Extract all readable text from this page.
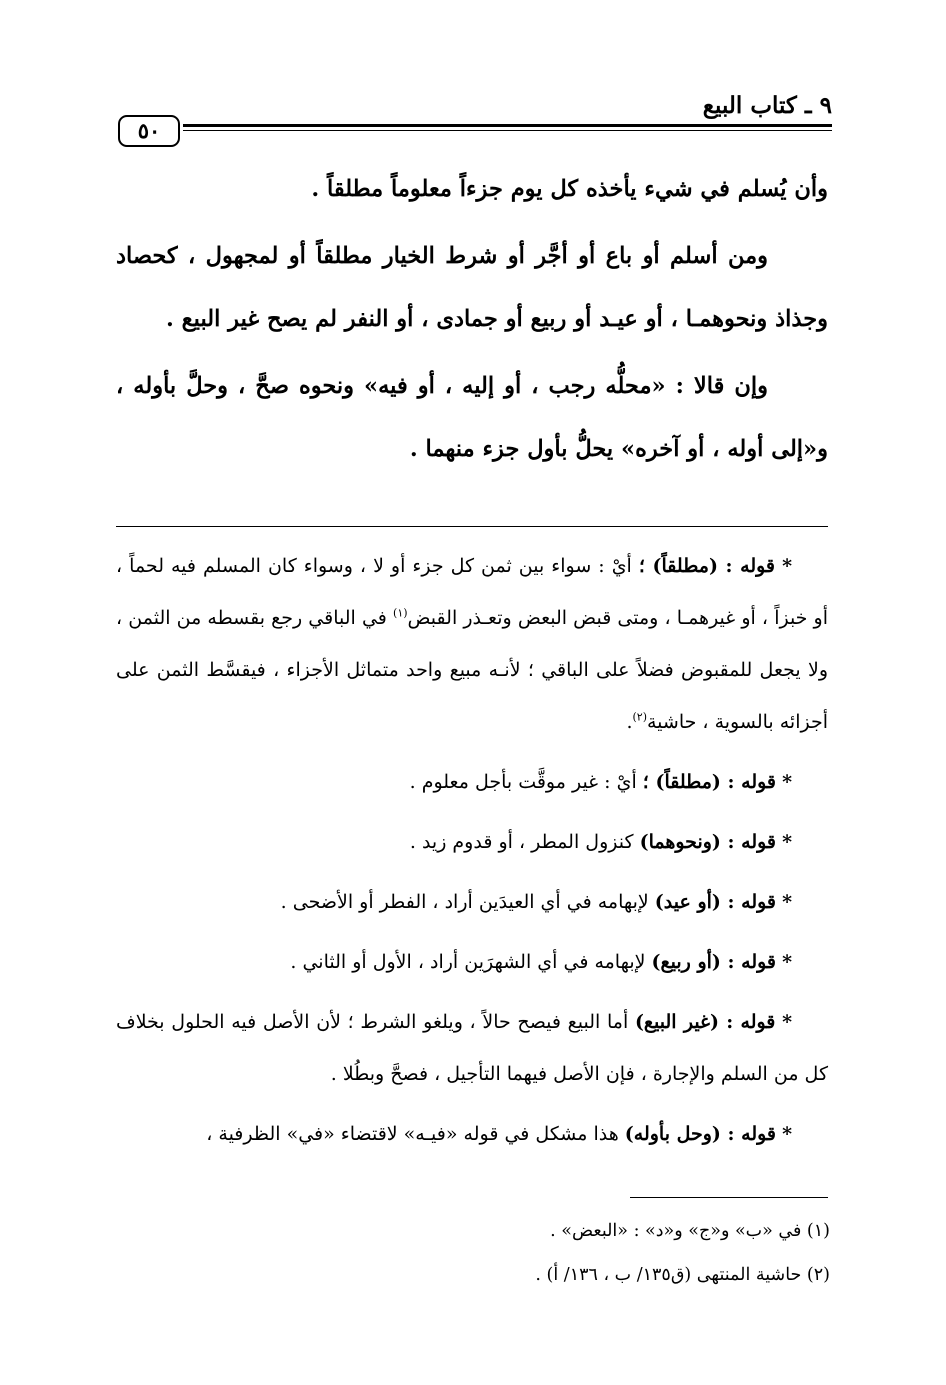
٩ ـ كتاب البيع
٥٠

وأن يُسلم في شيء يأخذه كل يوم جزءاً معلوماً مطلقاً .

ومن أسلم أو باع أو أجَّر أو شرط الخيار مطلقاً أو لمجهول ، كحصاد وجذاذ ونحوهمـا ، أو عيـد أو ربيع أو جمادى ، أو النفر لم يصح غير البيع .

وإن قالا : «محلُّه رجب ، أو إليه ، أو فيه» ونحوه صحَّ ، وحلَّ بأوله ، و«إلى أوله ، أو آخره» يحلُّ بأول جزء منهما .

* قوله : (مطلقاً) ؛ أيْ : سواء بين ثمن كل جزء أو لا ، وسواء كان المسلم فيه لحماً ، أو خبزاً ، أو غيرهمـا ، ومتى قبض البعض وتعـذر القبض$^{(١)}$ في الباقي رجع بقسطه من الثمن ، ولا يجعل للمقبوض فضلاً على الباقي ؛ لأنـه مبيع واحد متماثل الأجزاء ، فيقسَّط الثمن على أجزائه بالسوية ، حاشية$^{(٢)}$.

* قوله : (مطلقاً) ؛ أيْ : غير موقَّت بأجل معلوم .

* قوله : (ونحوهما) كنزول المطر ، أو قدوم زيد .

* قوله : (أو عيد) لإبهامه في أي العيدَين أراد ، الفطر أو الأضحى .

* قوله : (أو ربيع) لإبهامه في أي الشهرَين أراد ، الأول أو الثاني .

* قوله : (غير البيع) أما البيع فيصح حالاً ، ويلغو الشرط ؛ لأن الأصل فيه الحلول بخلاف كل من السلم والإجارة ، فإن الأصل فيهما التأجيل ، فصحَّ وبطُلا .

* قوله : (وحل بأوله) هذا مشكل في قوله «فيـه» لاقتضاء «في» الظرفية ،

(١) في «ب» و«ج» و«د» : «البعض» .

(٢) حاشية المنتهى (ق١٣٥/ ب ، ١٣٦/ أ) .
